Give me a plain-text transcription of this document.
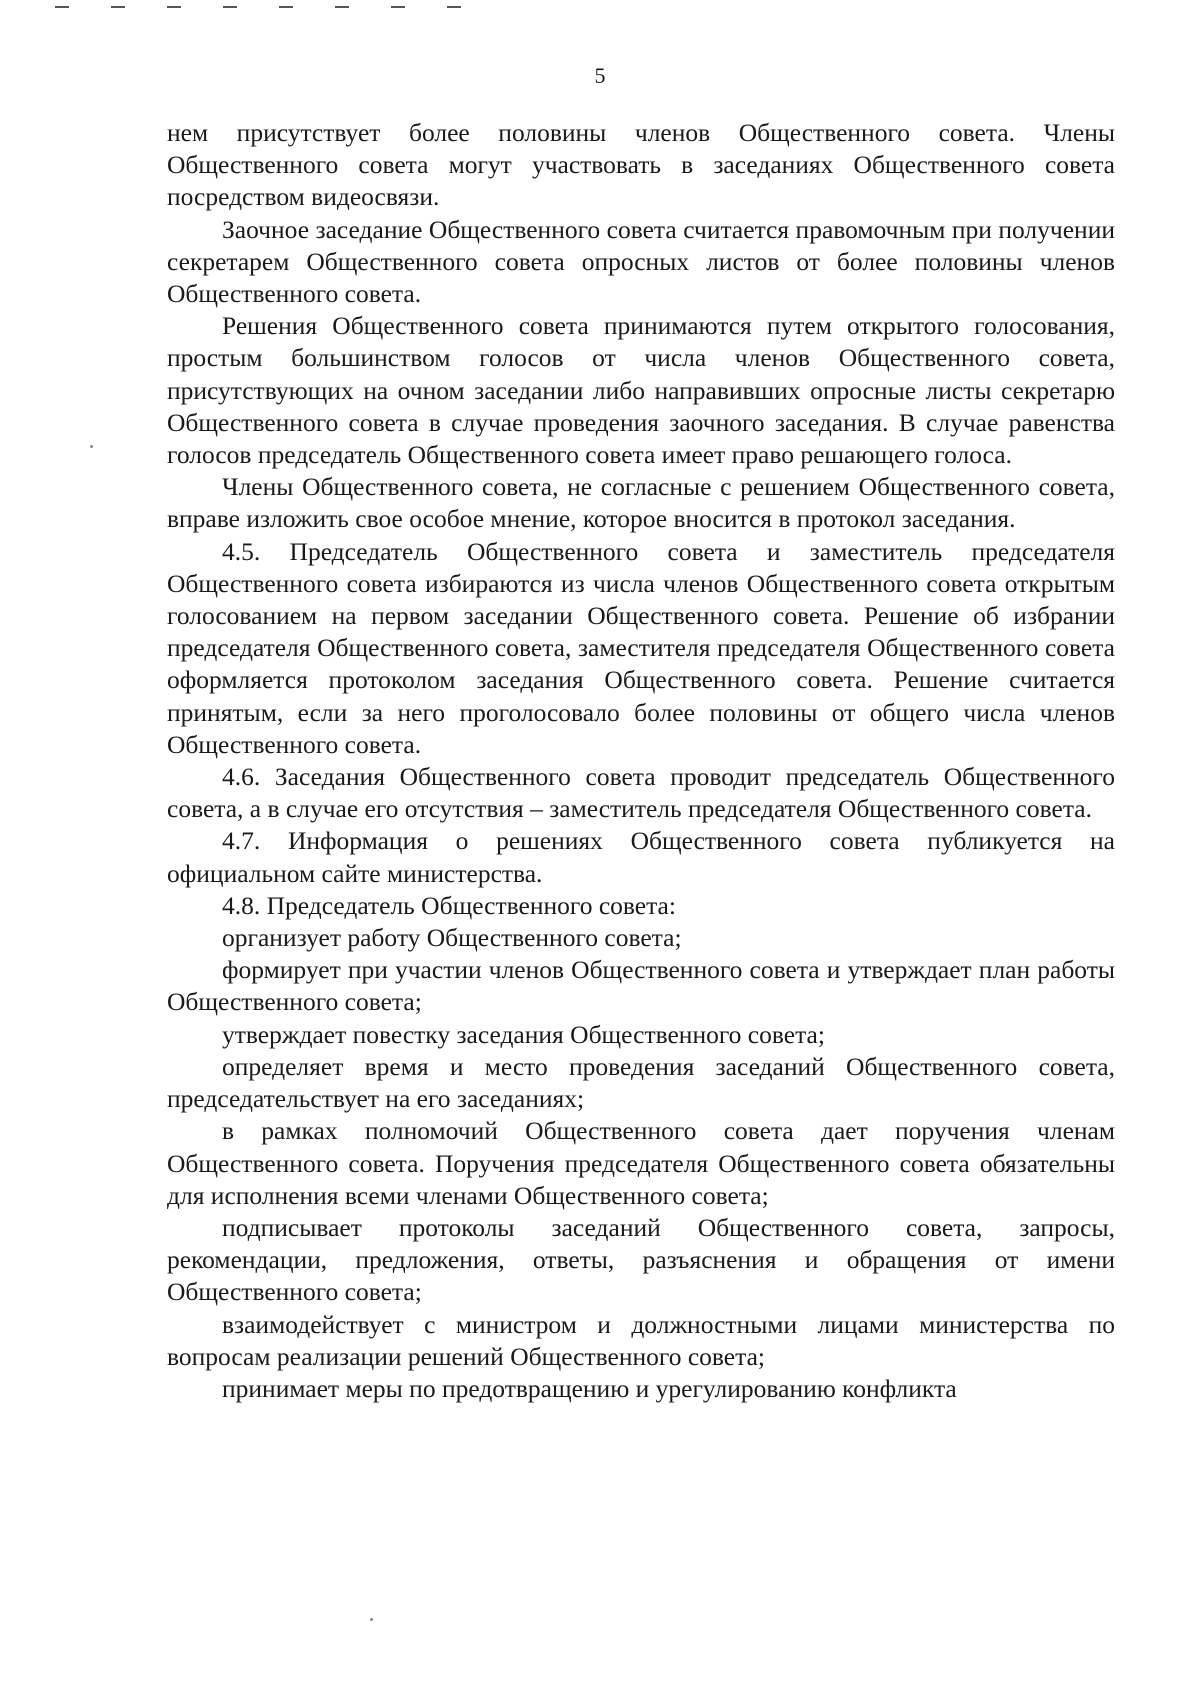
5

нем присутствует более половины членов Общественного совета. Члены Общественного совета могут участвовать в заседаниях Общественного совета посредством видеосвязи.

Заочное заседание Общественного совета считается правомочным при получении секретарем Общественного совета опросных листов от более половины членов Общественного совета.

Решения Общественного совета принимаются путем открытого голосования, простым большинством голосов от числа членов Общественного совета, присутствующих на очном заседании либо направивших опросные листы секретарю Общественного совета в случае проведения заочного заседания. В случае равенства голосов председатель Общественного совета имеет право решающего голоса.

Члены Общественного совета, не согласные с решением Общественного совета, вправе изложить свое особое мнение, которое вносится в протокол заседания.

4.5. Председатель Общественного совета и заместитель председателя Общественного совета избираются из числа членов Общественного совета открытым голосованием на первом заседании Общественного совета. Решение об избрании председателя Общественного совета, заместителя председателя Общественного совета оформляется протоколом заседания Общественного совета. Решение считается принятым, если за него проголосовало более половины от общего числа членов Общественного совета.

4.6. Заседания Общественного совета проводит председатель Общественного совета, а в случае его отсутствия – заместитель председателя Общественного совета.

4.7. Информация о решениях Общественного совета публикуется на официальном сайте министерства.

4.8. Председатель Общественного совета:

организует работу Общественного совета;

формирует при участии членов Общественного совета и утверждает план работы Общественного совета;

утверждает повестку заседания Общественного совета;

определяет время и место проведения заседаний Общественного совета, председательствует на его заседаниях;

в рамках полномочий Общественного совета дает поручения членам Общественного совета. Поручения председателя Общественного совета обязательны для исполнения всеми членами Общественного совета;

подписывает протоколы заседаний Общественного совета, запросы, рекомендации, предложения, ответы, разъяснения и обращения от имени Общественного совета;

взаимодействует с министром и должностными лицами министерства по вопросам реализации решений Общественного совета;

принимает меры по предотвращению и урегулированию конфликта
